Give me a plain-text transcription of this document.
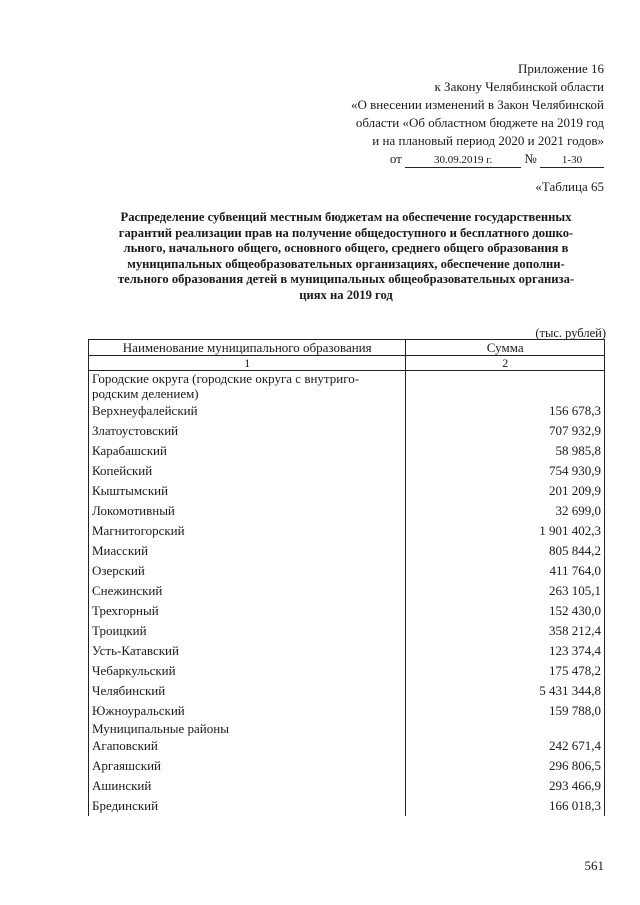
Приложение 16
к Закону Челябинской области
«О внесении изменений в Закон Челябинской
области «Об областном бюджете на 2019 год
и на плановый период 2020 и 2021 годов»
от	30.09.2019 г. № 1-30
«Таблица 65
Распределение субвенций местным бюджетам на обеспечение государственных
гарантий реализации прав на получение общедоступного и бесплатного дошко-
льного, начального общего, основного общего, среднего общего образования в
муниципальных общеобразовательных организациях, обеспечение дополни-
тельного образования детей в муниципальных общеобразовательных организа-
циях на 2019 год
(тыс. рублей)
Наименование муниципального образования	Сумма
1	2

Городские округа (городские округа с внутриго-
родским делением)	

Верхнеуфалейский	156 678,3
Златоустовский	707 932,9
Карабашский	58 985,8
Копейский	754 930,9
Кыштымский	201 209,9
Локомотивный	32 699,0
Магнитогорский	1 901 402,3
Миасский	805 844,2
Озерский	411 764,0
Снежинский	263 105,1
Трехгорный	152 430,0
Троицкий	358 212,4
Усть-Катавский	123 374,4
Чебаркульский	175 478,2
Челябинский	5 431 344,8
Южноуральский	159 788,0

Муниципальные районы	

Агаповский	242 671,4
Аргаяшский	296 806,5
Ашинский	293 466,9
Брединский	166 018,3
561
